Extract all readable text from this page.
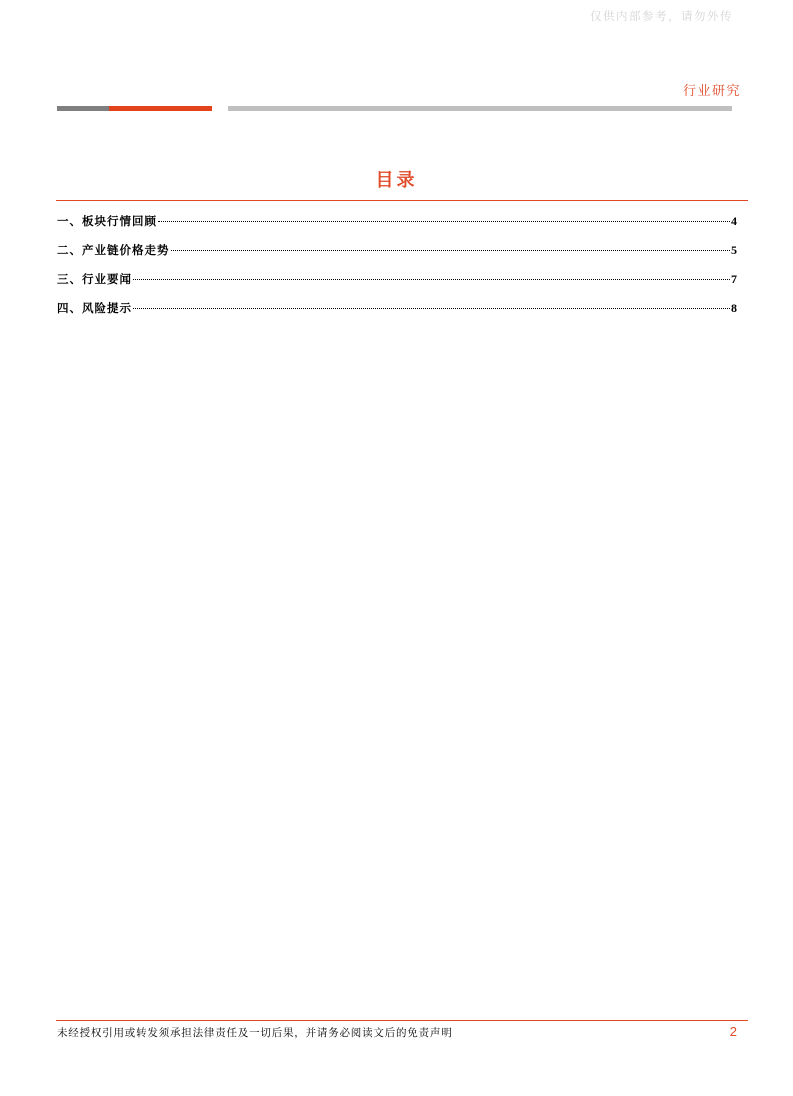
仅供内部参考，请勿外传
行业研究
目录
一、板块行情回顾	4
二、产业链价格走势	5
三、行业要闻	7
四、风险提示	8
未经授权引用或转发须承担法律责任及一切后果，并请务必阅读文后的免责声明	2
